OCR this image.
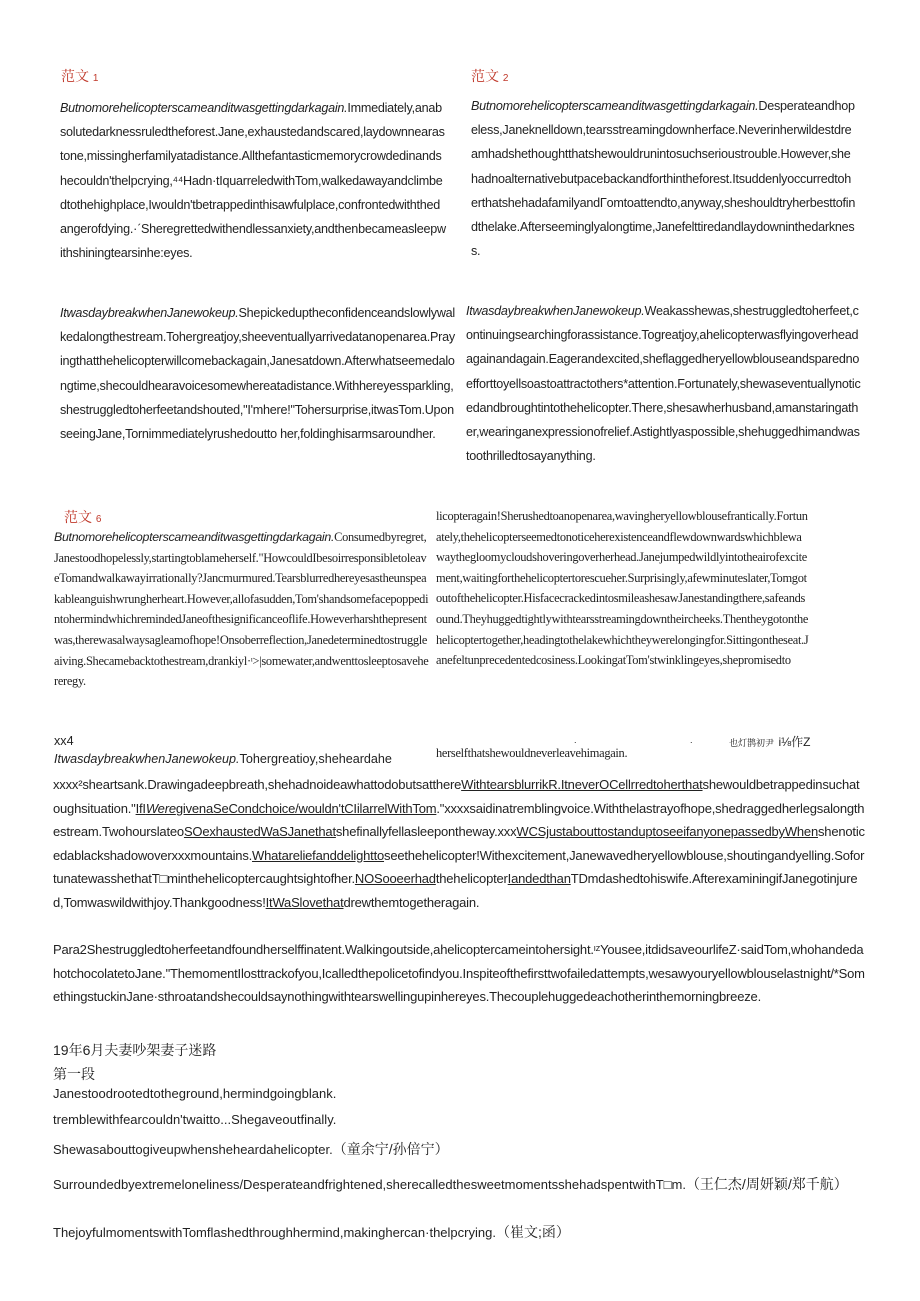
范文 1
Butnomorehelicopterscameanditwasgettingdarkagain.Immediately,anabsolutedarknessruledtheforest.Jane,exhaustedandscared,laydownnearastone,missingherfamilyatadistance.Allthefantasticmemorycrowdedinandshecouldn'thelpcrying,⁴⁴Hadn·tIquarreledwithTom,walkedawayandclimbedtothehighplace,Iwouldn'tbetrappedinthisawfulplace,confrontedwiththedangerofdying.·ˊSheregrettedwithendlessanxiety,andthenbecameasleepwithshiningtearsinhe:eyes.
ItwasdaybreakwhenJanewokeup.Shepickeduptheconfidenceandslowlywalkedalongthestream.Tohergreatjoy,sheeventuallyarrivedatanopenarea.Prayingthatthehelicopterwillcomebackagain,Janesatdown.Afterwhatseemedalongtime,shecouldhearavoicesomewhereatadistance.Withhereyessparkling,shestruggledtoherfeetandshouted,"I'mhere!"Tohersurprise,itwasTom.UponseeingJane,Tornimmediatelyrushedoutto her,foldinghisarmsaroundher.
范文 2
Butnomorehelicopterscameanditwasgettingdarkagain.Desperateandhopeless,Janeknelldown,tearsstreamingdownherface.Neverinherwildestdreamhadshethoughtthatshewouldrunintosuchserioustrouble.However,shehadnoalternativebutpacebackandforthintheforest.ItsuddenlyoccurredtoherthatshehadafamilyandΓomtoattendto,anyway,sheshouldtryherbesttofindthelake.Afterseeminglyalongtime,Janefelttiredandlaydowninthedarkness.
ItwasdaybreakwhenJanewokeup.Weakasshewas,shestruggledtoherfeet,continuingsearchingforassistance.Togreatjoy,ahelicopterwasflyingoverheadagainandagain.Eagerandexcited,sheflaggedheryellowblouseandsparednoefforttoyellsoastoattractothers*attention.Fortunately,shewaseventuallynoticedandbroughtintothehelicopter.There,shesawherhusband,amanstaringather,wearinganexpressionofrelief.Astightlyaspossible,shehuggedhimandwastoothrilledtosayanything.
范文 6
Butnomorehelicopterscameanditwasgettingdarkagain.Consumedbyregret,Janestoodhopelessly,startingtoblameherself."HowcouldIbesoirresponsibletoleaveTomandwalkawayirrationally?Jancmurmured.Tearsblurredhereyesastheunspeakableanguishwrungherheart.However,allofasudden,Tom'shandsomefacepoppedintohermindwhichremindedJaneofthesignificanceoflife.Howeverharshthepresentwas,therewasalwaysagleamofhope!Onsoberreflection,Janedeterminedtostruggleaiving.Shecamebacktothestream,drankiyl·ᶦ>|somewater,andwenttosleeptosavehereregy.
licopteragain!Sherushedtoanopenarea,wavingheryellowblousefrantically.Fortunately,thehelicopterseemedtonoticeherexistenceandflewdownwardswhichblewawaythegloomycloudshoveringoverherhead.Janejumpedwildlyintotheairofexcitement,waitingforthehelicoptertorescueher.Surprisingly,afewminuteslater,Tomgotoutofthehelicopter.HisfacecrackedintosmileashesawJanestandingthere,safeandsound.Theyhuggedtightlywithtearsstreamingdowntheircheeks.Thentheygotonthehelicoptertogether,headingtothelakewhichtheywerelongingfor.Sittingontheseat.Janefeltunprecedentedcosiness.LookingatTom'stwinklingeyes,shepromisedto
herselfthatshewouldneverleavehimagain.
.	.	也灯鹊初尹 i⅛作Z
xx4
ItwasdaybreakwhenJanewokeup.Tohergreatioy,sheheardahe
xxxx²sheartsank.Drawingadeepbreath,shehadnoideawhattodobutsatthereWithtearsblurrikR.ItneverOCellrredtoherthatshewouldbetrappedinsuchatoughsituation."IfIWeregivenaSeCondchoice/wouldn'tCIilarrelWithTom."xxxxsaidinatremblingvoice.Withthelastrayofhope,shedraggedherlegsalongthestream.TwohourslateoSOexhaustedWaSJanethatshefinallyfellasleepontheway.xxxWCSjustabouttostanduptoseeifanyonepassedbyWhenshenoticedablackshadowoverxxxmountains.Whatareliefanddelighttoseethehelicopter!Withexcitement,Janewavedheryellowblouse,shoutingandyelling.SofortunatewasshethatT□minthehelicoptercaughtsightofher.NOSooeerhadthehelicopterIandedthanTDmdashedtohiswife.AfterexaminingifJanegotinjured,Tomwaswildwithjoy.Thankgoodness!ItWaSlovethatdrewthemtogetheragain.
Para2Shestruggledtoherfeetandfoundherselffinatent.Walkingoutside,ahelicoptercameintohersight.ᶦᶻYousee,itdidsaveourlifeZ·saidTom,whohandedahotchocolatetoJane."ThemomentIlosttrackofyou,Icalledthepolicetofindyou.Inspiteofthefirsttwofailedattempts,wesawyouryellowblouselastnight/*SomethingstuckinJane·sthroatandshecouldsaynothingwithtearswellingupinhereyes.Thecouplehuggedeachotherinthemorningbreeze.
19年6月夫妻吵架妻子迷路
第一段
Janestoodrootedtotheground,hermindgoingblank.
tremblewithfearcouldn'twaitto...Shegaveoutfinally.
Shewasabouttogiveupwhensheheardahelicopter.（童余宁/孙倍宁）
Surroundedbyextremeloneliness/Desperateandfrightened,sherecalledthesweetmomentsshehadspentwithT□m.（王仁杰/周妍颖/郑千航）
ThejoyfulmomentswithTomflashedthroughhermind,makinghercan·thelpcrying.（崔文;函）
